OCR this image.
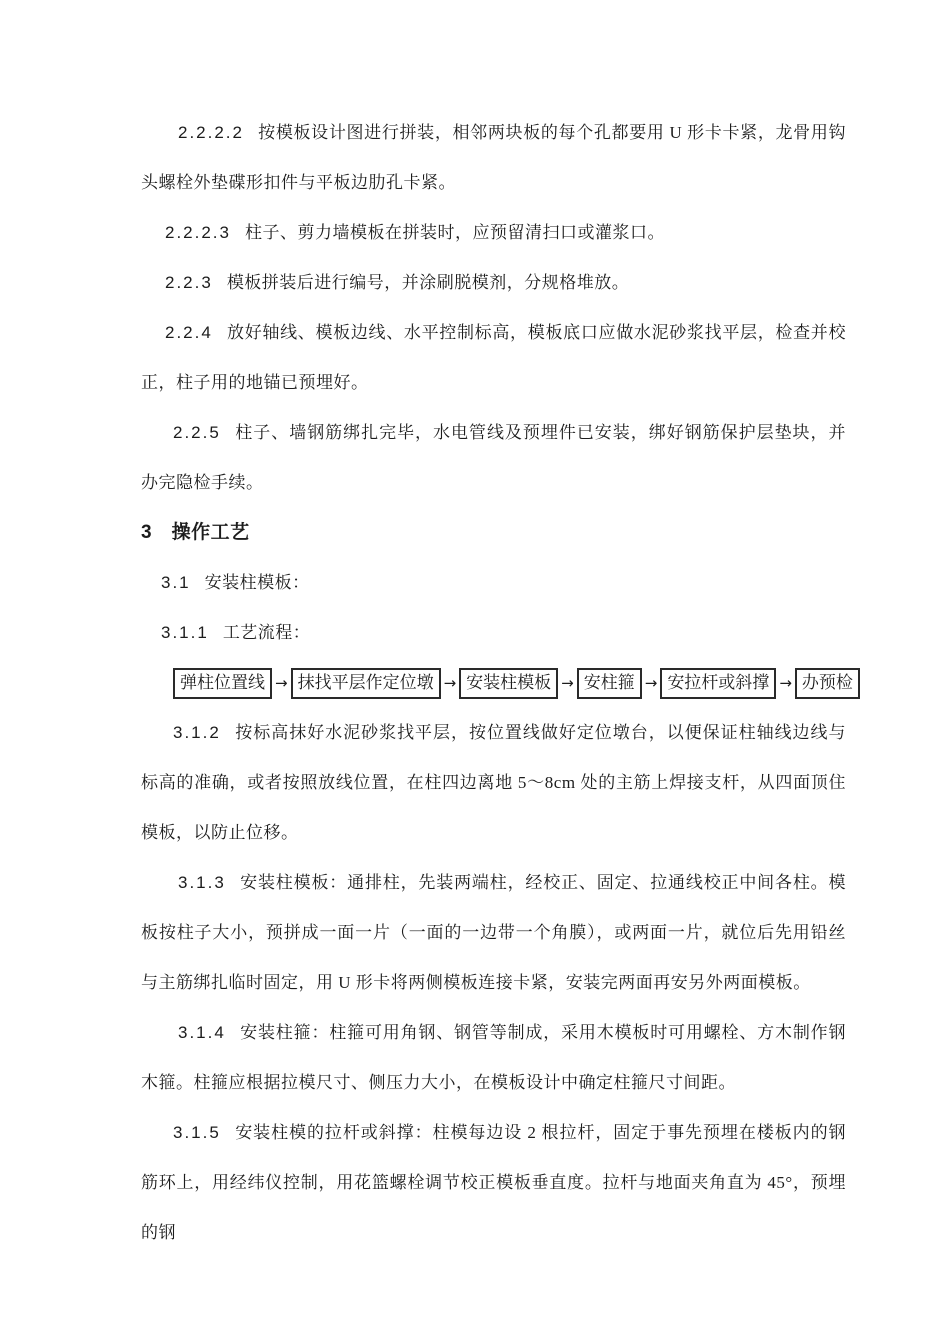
2.2.2.2 按模板设计图进行拼装，相邻两块板的每个孔都要用 U 形卡卡紧，龙骨用钩头螺栓外垫碟形扣件与平板边肋孔卡紧。

2.2.2.3 柱子、剪力墙模板在拼装时，应预留清扫口或灌浆口。

2.2.3 模板拼装后进行编号，并涂刷脱模剂，分规格堆放。

2.2.4 放好轴线、模板边线、水平控制标高，模板底口应做水泥砂浆找平层，检查并校正，柱子用的地锚已预埋好。

2.2.5 柱子、墙钢筋绑扎完毕，水电管线及预埋件已安装，绑好钢筋保护层垫块，并办完隐检手续。

3 操作工艺

3.1 安装柱模板：

3.1.1 工艺流程：

弹柱位置线 → 抹找平层作定位墩 → 安装柱模板 → 安柱箍 → 安拉杆或斜撑 → 办预检

3.1.2 按标高抹好水泥砂浆找平层，按位置线做好定位墩台，以便保证柱轴线边线与标高的准确，或者按照放线位置，在柱四边离地 5～8cm 处的主筋上焊接支杆，从四面顶住模板，以防止位移。

3.1.3 安装柱模板：通排柱，先装两端柱，经校正、固定、拉通线校正中间各柱。模板按柱子大小，预拼成一面一片（一面的一边带一个角膜），或两面一片，就位后先用铅丝与主筋绑扎临时固定，用 U 形卡将两侧模板连接卡紧，安装完两面再安另外两面模板。

3.1.4 安装柱箍：柱箍可用角钢、钢管等制成，采用木模板时可用螺栓、方木制作钢木箍。柱箍应根据拉模尺寸、侧压力大小，在模板设计中确定柱箍尺寸间距。

3.1.5 安装柱模的拉杆或斜撑：柱模每边设 2 根拉杆，固定于事先预埋在楼板内的钢筋环上，用经纬仪控制，用花篮螺栓调节校正模板垂直度。拉杆与地面夹角直为 45°，预埋的钢
